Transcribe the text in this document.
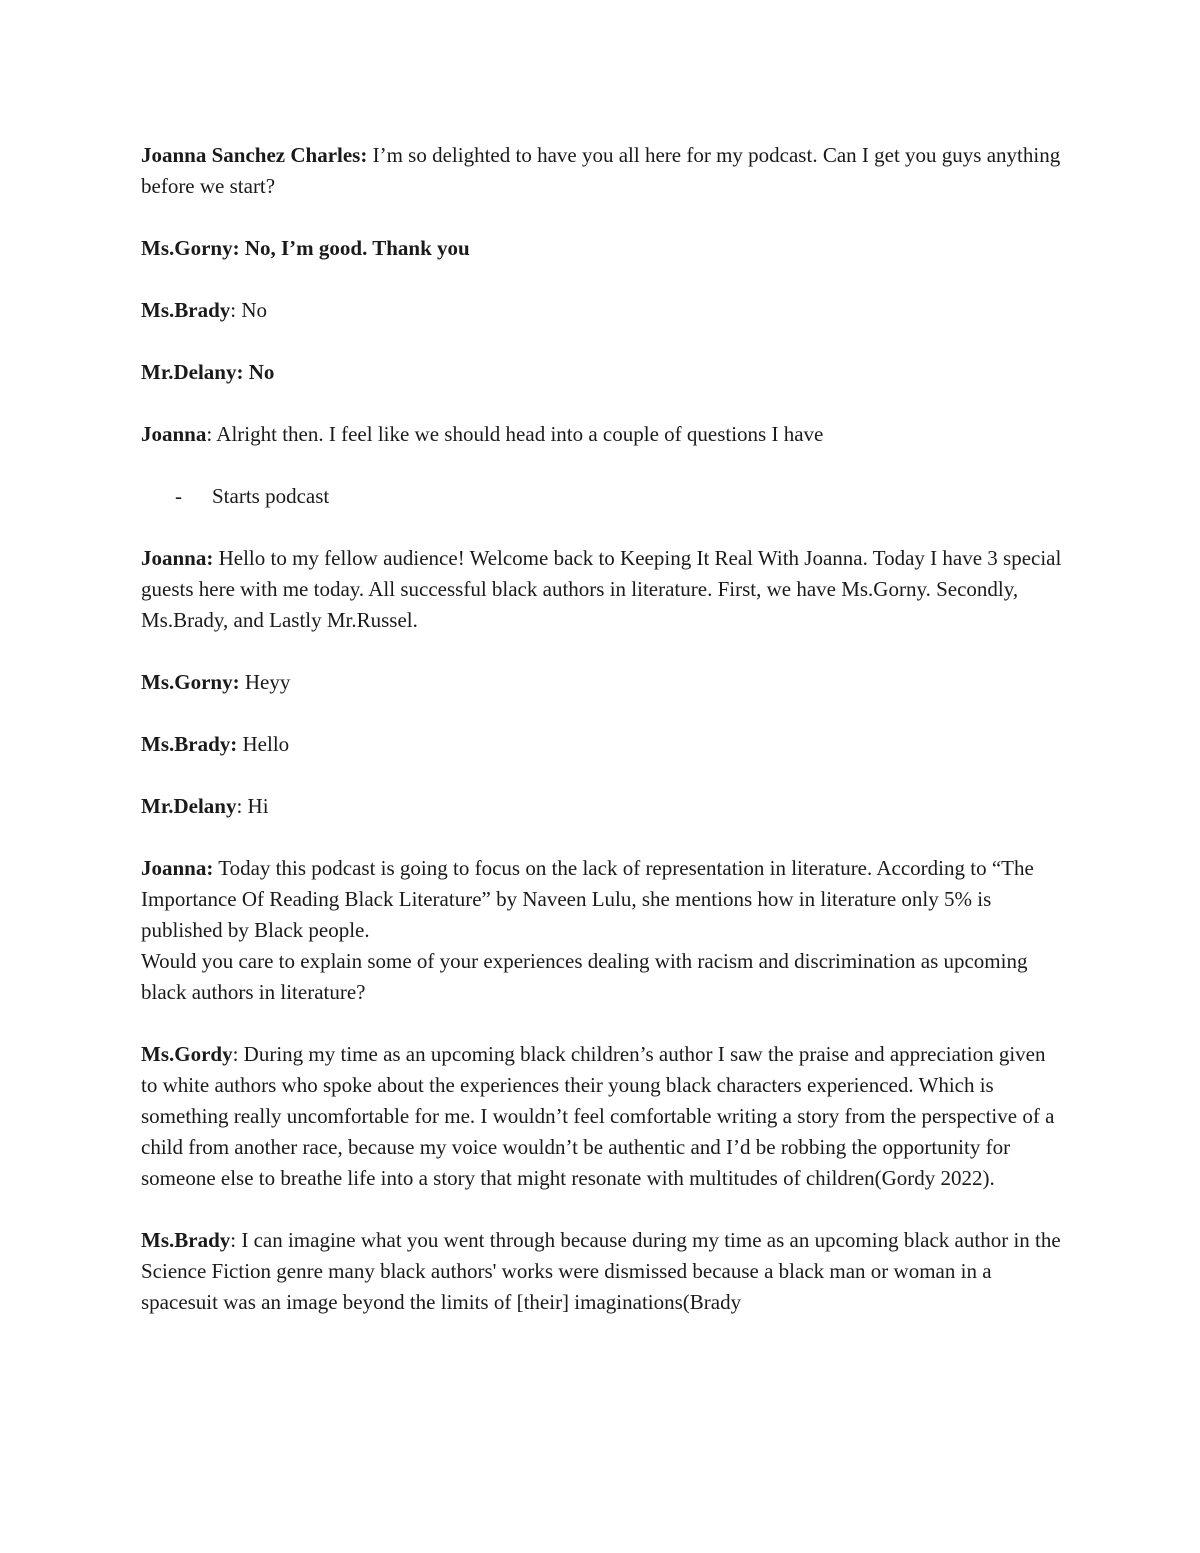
Joanna Sanchez Charles: I’m so delighted to have you all here for my podcast. Can I get you guys anything before we start?

Ms.Gorny: No, I’m good. Thank you

Ms.Brady: No

Mr.Delany: No

Joanna: Alright then. I feel like we should head into a couple of questions I have

-	Starts podcast

Joanna: Hello to my fellow audience! Welcome back to Keeping It Real With Joanna. Today I have 3 special guests here with me today. All successful black authors in literature. First, we have Ms.Gorny. Secondly, Ms.Brady, and Lastly Mr.Russel.

Ms.Gorny: Heyy

Ms.Brady: Hello

Mr.Delany: Hi

Joanna: Today this podcast is going to focus on the lack of representation in literature. According to “The Importance Of Reading Black Literature” by Naveen Lulu, she mentions how in literature only 5% is published by Black people.

Would you care to explain some of your experiences dealing with racism and discrimination as upcoming black authors in literature?

Ms.Gordy: During my time as an upcoming black children’s author I saw the praise and appreciation given to white authors who spoke about the experiences their young black characters experienced. Which is something really uncomfortable for me. I wouldn’t feel comfortable writing a story from the perspective of a child from another race, because my voice wouldn’t be authentic and I’d be robbing the opportunity for someone else to breathe life into a story that might resonate with multitudes of children(Gordy 2022).

Ms.Brady: I can imagine what you went through because during my time as an upcoming black author in the Science Fiction genre many black authors' works were dismissed because a black man or woman in a spacesuit was an image beyond the limits of [their] imaginations(Brady
